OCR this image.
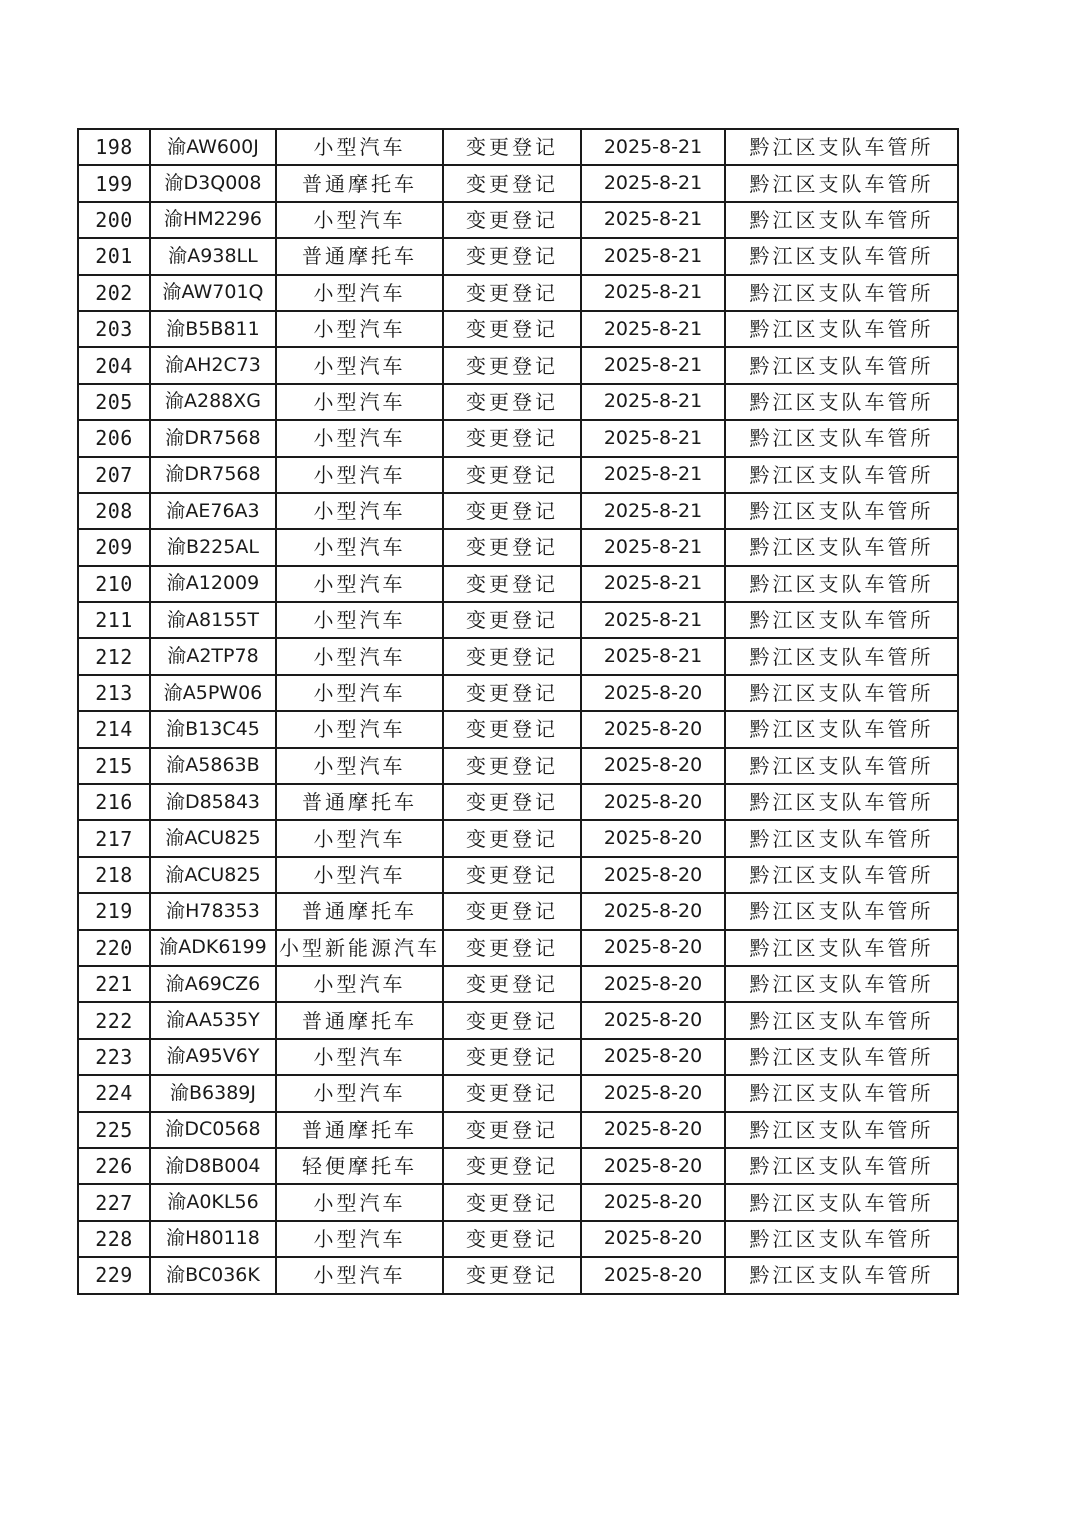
198	渝AW600J	小型汽车	变更登记	2025-8-21	黔江区支队车管所
199	渝D3Q008	普通摩托车	变更登记	2025-8-21	黔江区支队车管所
200	渝HM2296	小型汽车	变更登记	2025-8-21	黔江区支队车管所
201	渝A938LL	普通摩托车	变更登记	2025-8-21	黔江区支队车管所
202	渝AW701Q	小型汽车	变更登记	2025-8-21	黔江区支队车管所
203	渝B5B811	小型汽车	变更登记	2025-8-21	黔江区支队车管所
204	渝AH2C73	小型汽车	变更登记	2025-8-21	黔江区支队车管所
205	渝A288XG	小型汽车	变更登记	2025-8-21	黔江区支队车管所
206	渝DR7568	小型汽车	变更登记	2025-8-21	黔江区支队车管所
207	渝DR7568	小型汽车	变更登记	2025-8-21	黔江区支队车管所
208	渝AE76A3	小型汽车	变更登记	2025-8-21	黔江区支队车管所
209	渝B225AL	小型汽车	变更登记	2025-8-21	黔江区支队车管所
210	渝A12009	小型汽车	变更登记	2025-8-21	黔江区支队车管所
211	渝A8155T	小型汽车	变更登记	2025-8-21	黔江区支队车管所
212	渝A2TP78	小型汽车	变更登记	2025-8-21	黔江区支队车管所
213	渝A5PW06	小型汽车	变更登记	2025-8-20	黔江区支队车管所
214	渝B13C45	小型汽车	变更登记	2025-8-20	黔江区支队车管所
215	渝A5863B	小型汽车	变更登记	2025-8-20	黔江区支队车管所
216	渝D85843	普通摩托车	变更登记	2025-8-20	黔江区支队车管所
217	渝ACU825	小型汽车	变更登记	2025-8-20	黔江区支队车管所
218	渝ACU825	小型汽车	变更登记	2025-8-20	黔江区支队车管所
219	渝H78353	普通摩托车	变更登记	2025-8-20	黔江区支队车管所
220	渝ADK6199	小型新能源汽车	变更登记	2025-8-20	黔江区支队车管所
221	渝A69CZ6	小型汽车	变更登记	2025-8-20	黔江区支队车管所
222	渝AA535Y	普通摩托车	变更登记	2025-8-20	黔江区支队车管所
223	渝A95V6Y	小型汽车	变更登记	2025-8-20	黔江区支队车管所
224	渝B6389J	小型汽车	变更登记	2025-8-20	黔江区支队车管所
225	渝DC0568	普通摩托车	变更登记	2025-8-20	黔江区支队车管所
226	渝D8B004	轻便摩托车	变更登记	2025-8-20	黔江区支队车管所
227	渝A0KL56	小型汽车	变更登记	2025-8-20	黔江区支队车管所
228	渝H80118	小型汽车	变更登记	2025-8-20	黔江区支队车管所
229	渝BC036K	小型汽车	变更登记	2025-8-20	黔江区支队车管所
